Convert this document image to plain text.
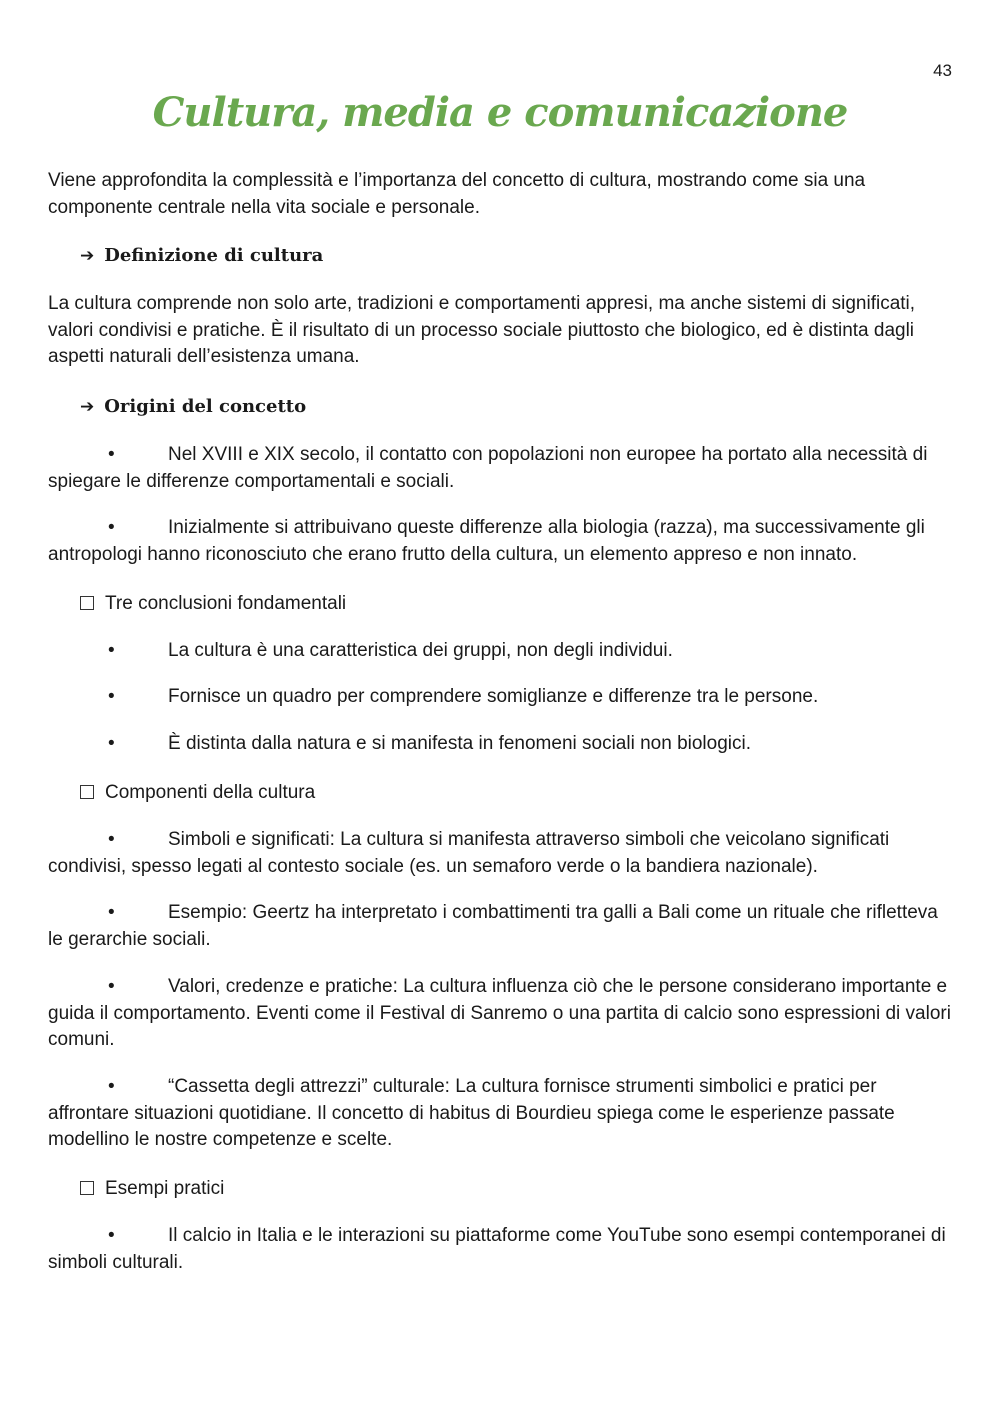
43
Cultura, media e comunicazione

Viene approfondita la complessità e l’importanza del concetto di cultura, mostrando come sia una componente centrale nella vita sociale e personale.

➔ Definizione di cultura

La cultura comprende non solo arte, tradizioni e comportamenti appresi, ma anche sistemi di significati, valori condivisi e pratiche. È il risultato di un processo sociale piuttosto che biologico, ed è distinta dagli aspetti naturali dell’esistenza umana.

➔ Origini del concetto

•	Nel XVIII e XIX secolo, il contatto con popolazioni non europee ha portato alla necessità di spiegare le differenze comportamentali e sociali.

•	Inizialmente si attribuivano queste differenze alla biologia (razza), ma successivamente gli antropologi hanno riconosciuto che erano frutto della cultura, un elemento appreso e non innato.

Tre conclusioni fondamentali
•	La cultura è una caratteristica dei gruppi, non degli individui.
•	Fornisce un quadro per comprendere somiglianze e differenze tra le persone.
•	È distinta dalla natura e si manifesta in fenomeni sociali non biologici.
Componenti della cultura

•	Simboli e significati: La cultura si manifesta attraverso simboli che veicolano significati condivisi, spesso legati al contesto sociale (es. un semaforo verde o la bandiera nazionale).

•	Esempio: Geertz ha interpretato i combattimenti tra galli a Bali come un rituale che rifletteva le gerarchie sociali.

•	Valori, credenze e pratiche: La cultura influenza ciò che le persone considerano importante e guida il comportamento. Eventi come il Festival di Sanremo o una partita di calcio sono espressioni di valori comuni.

•	“Cassetta degli attrezzi” culturale: La cultura fornisce strumenti simbolici e pratici per affrontare situazioni quotidiane. Il concetto di habitus di Bourdieu spiega come le esperienze passate modellino le nostre competenze e scelte.

Esempi pratici

•	Il calcio in Italia e le interazioni su piattaforme come YouTube sono esempi contemporanei di simboli culturali.
